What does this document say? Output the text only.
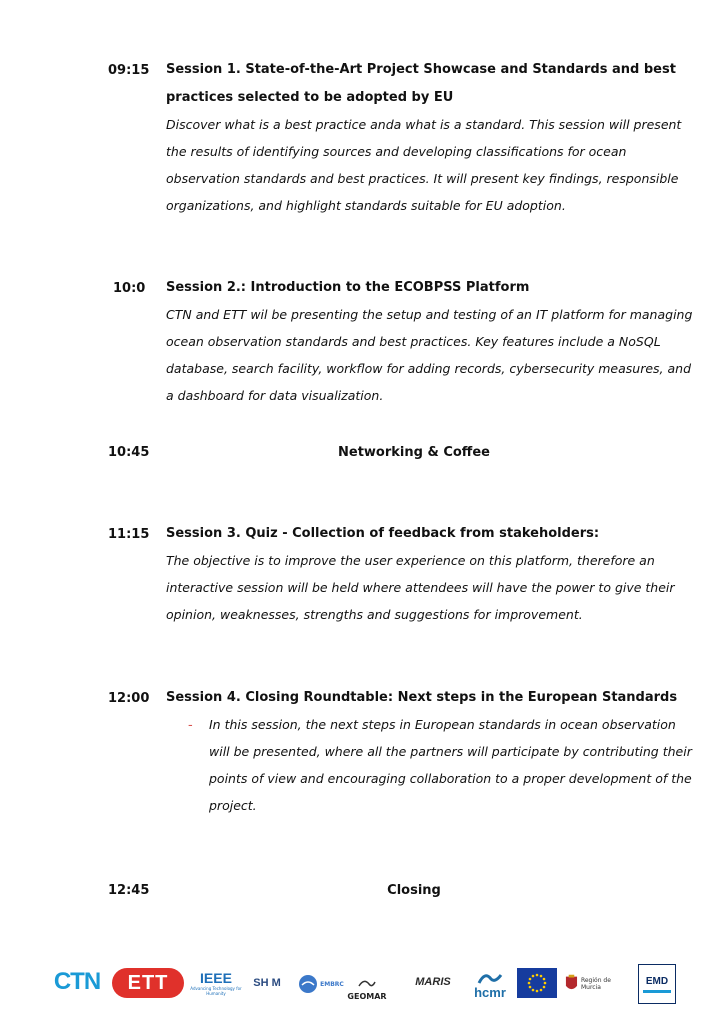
09:15 Session 1. State-of-the-Art Project Showcase and Standards and best
practices selected to be adopted by EU
Discover what is a best practice anda what is a standard. This session will present
the results of identifying sources and developing classifications for ocean
observation standards and best practices. It will present key findings, responsible
organizations, and highlight standards suitable for EU adoption.
10:0 Session 2.: Introduction to the ECOBPSS Platform
CTN and ETT wil be presenting the setup and testing of an IT platform for managing
ocean observation standards and best practices. Key features include a NoSQL
database, search facility, workflow for adding records, cybersecurity measures, and
a dashboard for data visualization.
10:45	Networking & Coffee
11:15 Session 3. Quiz - Collection of feedback from stakeholders:
The objective is to improve the user experience on this platform, therefore an
interactive session will be held where attendees will have the power to give their
opinion, weaknesses, strengths and suggestions for improvement.
12:00 Session 4. Closing Roundtable: Next steps in the European Standards
- In this session, the next steps in European standards in ocean observation
will be presented, where all the partners will participate by contributing their
points of view and encouraging collaboration to a proper development of the
project.
12:45	Closing
CTN ETT IEEE
Advancing Technology for Humanity
SH M	EMBRC
GEOMAR
MARIS
hcmr
Región de Murcia
EMD
